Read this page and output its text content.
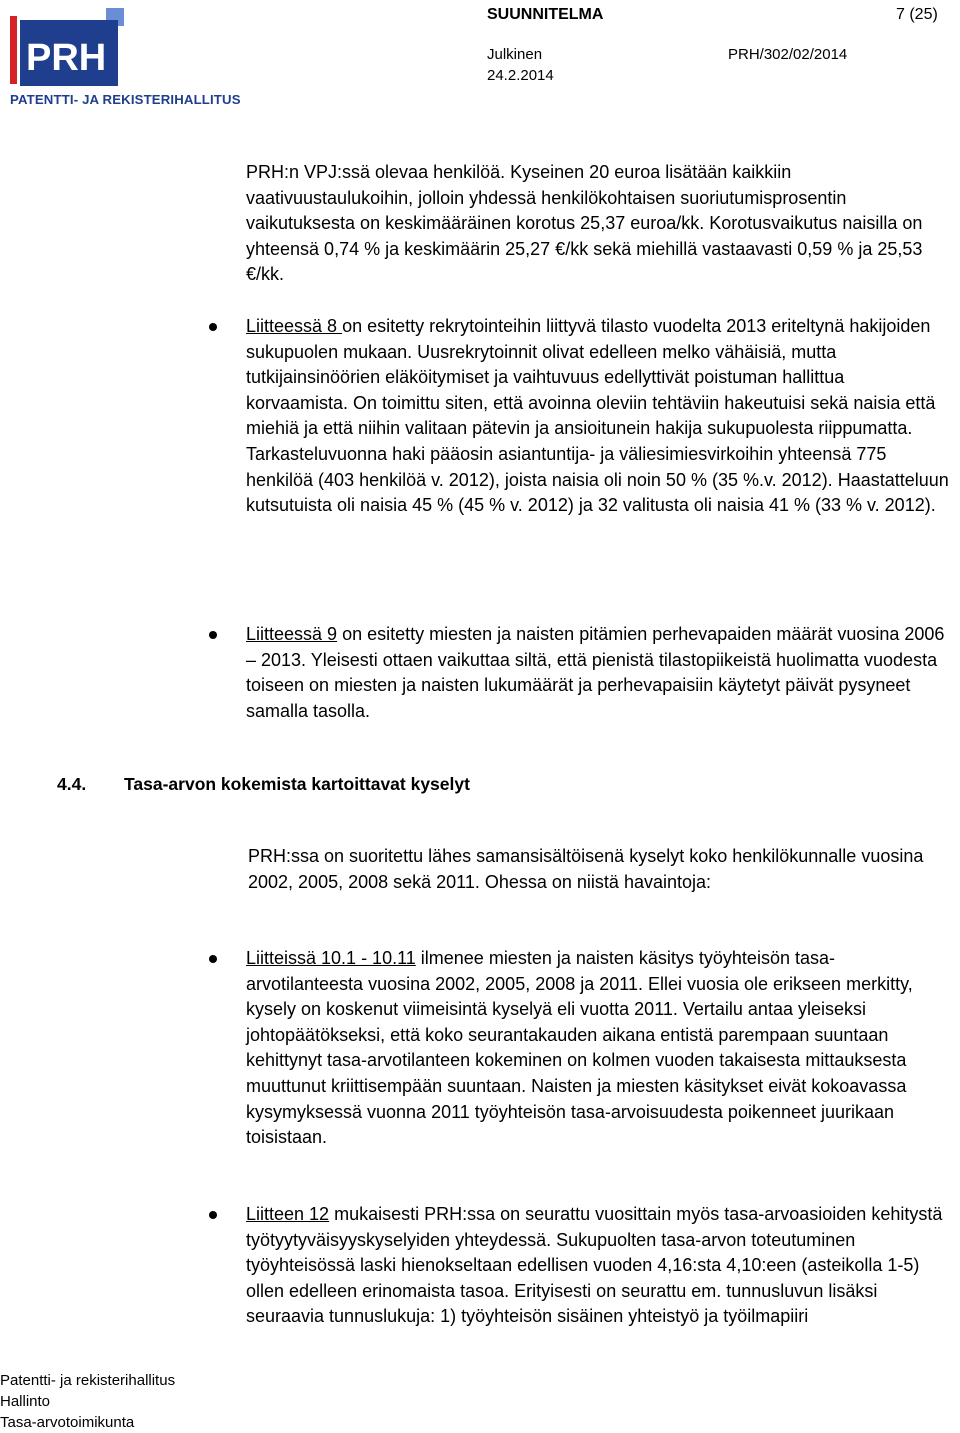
PRH
PATENTTI- JA REKISTERIHALLITUS
SUUNNITELMA	7 (25)
Julkinen	PRH/302/02/2014
24.2.2014
PRH:n VPJ:ssä olevaa henkilöä. Kyseinen 20 euroa lisätään kaikkiin vaativuustaulukoihin, jolloin yhdessä henkilökohtaisen suoriutumisprosentin vaikutuksesta on keskimääräinen korotus 25,37 euroa/kk. Korotusvaikutus naisilla on yhteensä 0,74 % ja keskimäärin 25,27 €/kk sekä miehillä vastaavasti 0,59 % ja 25,53 €/kk.
Liitteessä 8 on esitetty rekrytointeihin liittyvä tilasto vuodelta 2013 eriteltynä hakijoiden sukupuolen mukaan. Uusrekrytoinnit olivat edelleen melko vähäisiä, mutta tutkijainsinöörien eläköitymiset ja vaihtuvuus edellyttivät poistuman hallittua korvaamista. On toimittu siten, että avoinna oleviin tehtäviin hakeutuisi sekä naisia että miehiä ja että niihin valitaan pätevin ja ansioitunein hakija sukupuolesta riippumatta. Tarkasteluvuonna haki pääosin asiantuntija- ja väliesimiesvirkoihin yhteensä 775 henkilöä (403 henkilöä v. 2012), joista naisia oli noin 50 % (35 %.v. 2012). Haastatteluun kutsutuista oli naisia 45 % (45 % v. 2012) ja 32 valitusta oli naisia 41 % (33 % v. 2012).
Liitteessä 9 on esitetty miesten ja naisten pitämien perhevapaiden määrät vuosina 2006 – 2013. Yleisesti ottaen vaikuttaa siltä, että pienistä tilastopiikeistä huolimatta vuodesta toiseen on miesten ja naisten lukumäärät ja perhevapaisiin käytetyt päivät pysyneet samalla tasolla.
4.4. Tasa-arvon kokemista kartoittavat kyselyt
PRH:ssa on suoritettu lähes samansisältöisenä kyselyt koko henkilökunnalle vuosina 2002, 2005, 2008 sekä 2011. Ohessa on niistä havaintoja:
Liitteissä 10.1 - 10.11 ilmenee miesten ja naisten käsitys työyhteisön tasa-arvotilanteesta vuosina 2002, 2005, 2008 ja 2011. Ellei vuosia ole erikseen merkitty, kysely on koskenut viimeisintä kyselyä eli vuotta 2011. Vertailu antaa yleiseksi johtopäätökseksi, että koko seurantakauden aikana entistä parempaan suuntaan kehittynyt tasa-arvotilanteen kokeminen on kolmen vuoden takaisesta mittauksesta muuttunut kriittisempään suuntaan. Naisten ja miesten käsitykset eivät kokoavassa kysymyksessä vuonna 2011 työyhteisön tasa-arvoisuudesta poikenneet juurikaan toisistaan.
Liitteen 12 mukaisesti PRH:ssa on seurattu vuosittain myös tasa-arvoasioiden kehitystä työtyytyväisyyskyselyiden yhteydessä. Sukupuolten tasa-arvon toteutuminen työyhteisössä laski hienokseltaan edellisen vuoden 4,16:sta 4,10:een (asteikolla 1-5) ollen edelleen erinomaista tasoa. Erityisesti on seurattu em. tunnusluvun lisäksi seuraavia tunnuslukuja: 1) työyhteisön sisäinen yhteistyö ja työilmapiiri
Patentti- ja rekisterihallitus
Hallinto
Tasa-arvotoimikunta
